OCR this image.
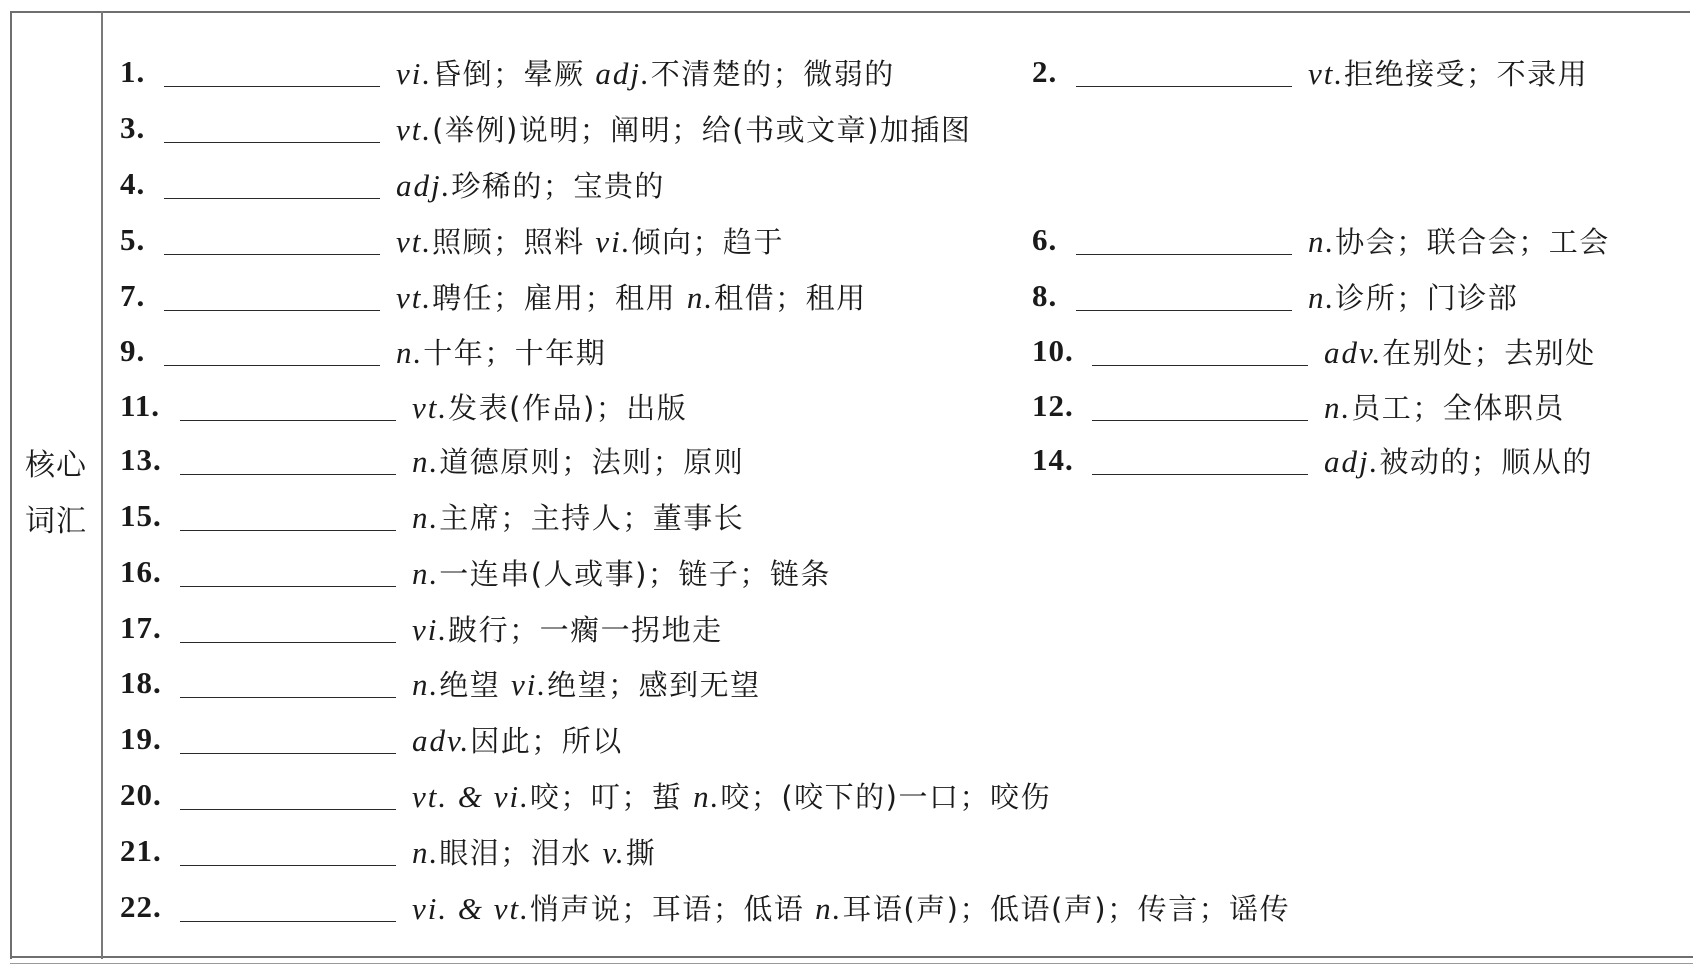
核心
词汇
1.	vi.昏倒；晕厥 adj.不清楚的；微弱的	2.	vt.拒绝接受；不录用
3.	vt.(举例)说明；阐明；给(书或文章)加插图
4.	adj.珍稀的；宝贵的
5.	vt.照顾；照料 vi.倾向；趋于	6.	n.协会；联合会；工会
7.	vt.聘任；雇用；租用 n.租借；租用	8.	n.诊所；门诊部
9.	n.十年；十年期	10.	adv.在别处；去别处
11.	vt.发表(作品)；出版	12.	n.员工；全体职员
13.	n.道德原则；法则；原则	14.	adj.被动的；顺从的
15.	n.主席；主持人；董事长
16.	n.一连串(人或事)；链子；链条
17.	vi.跛行；一瘸一拐地走
18.	n.绝望 vi.绝望；感到无望
19.	adv.因此；所以
20.	vt. & vi.咬；叮；蜇 n.咬；(咬下的)一口；咬伤
21.	n.眼泪；泪水 v.撕
22.	vi. & vt.悄声说；耳语；低语 n.耳语(声)；低语(声)；传言；谣传
